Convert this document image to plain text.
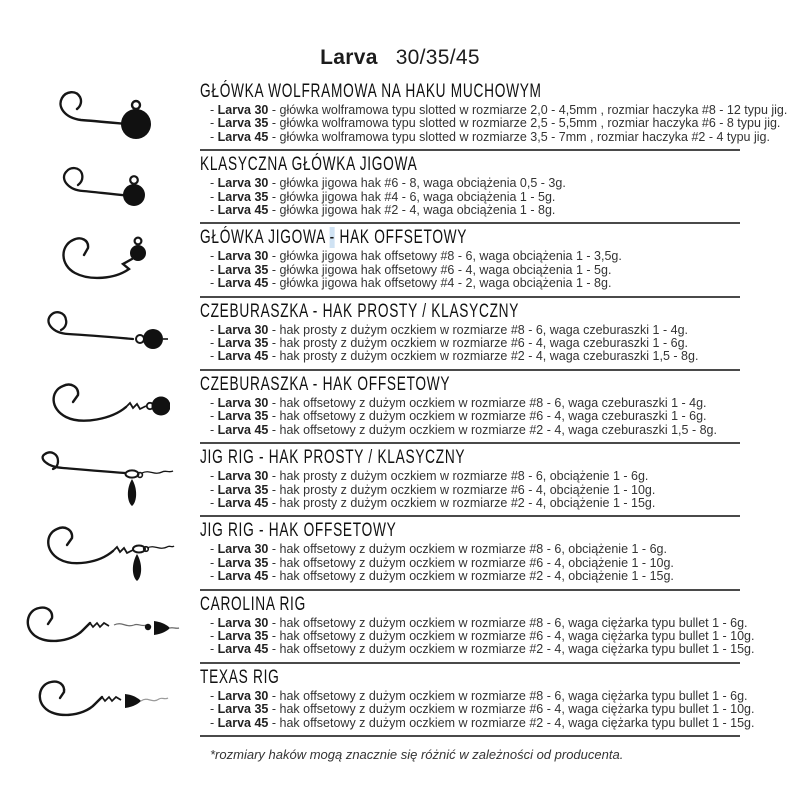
Larva 30/35/45
GŁÓWKA WOLFRAMOWA NA HAKU MUCHOWYM
- Larva 30 - główka wolframowa typu slotted w rozmiarze 2,0 - 4,5mm , rozmiar haczyka #8 - 12 typu jig.
- Larva 35 - główka wolframowa typu slotted w rozmiarze 2,5 - 5,5mm , rozmiar haczyka #6 - 8 typu jig.
- Larva 45 - główka wolframowa typu slotted w rozmiarze 3,5 - 7mm , rozmiar haczyka #2 - 4 typu jig.
KLASYCZNA GŁÓWKA JIGOWA
- Larva 30 - główka jigowa hak #6 - 8, waga obciążenia 0,5 - 3g.
- Larva 35 - główka jigowa hak #4 - 6, waga obciążenia 1 - 5g.
- Larva 45 - główka jigowa hak #2 - 4, waga obciążenia 1 - 8g.
GŁÓWKA JIGOWA - HAK OFFSETOWY
- Larva 30 - główka jigowa hak offsetowy #8 - 6, waga obciążenia 1 - 3,5g.
- Larva 35 - główka jigowa hak offsetowy #6 - 4, waga obciążenia 1 - 5g.
- Larva 45 - główka jigowa hak offsetowy #4 - 2, waga obciążenia 1 - 8g.
CZEBURASZKA - HAK PROSTY / KLASYCZNY
- Larva 30 - hak prosty z dużym oczkiem w rozmiarze #8 - 6, waga czeburaszki 1 - 4g.
- Larva 35 - hak prosty z dużym oczkiem w rozmiarze #6 - 4, waga czeburaszki 1 - 6g.
- Larva 45 - hak prosty z dużym oczkiem w rozmiarze #2 - 4, waga czeburaszki 1,5 - 8g.
CZEBURASZKA - HAK OFFSETOWY
- Larva 30 - hak offsetowy z dużym oczkiem w rozmiarze #8 - 6, waga czeburaszki 1 - 4g.
- Larva 35 - hak offsetowy z dużym oczkiem w rozmiarze #6 - 4, waga czeburaszki 1 - 6g.
- Larva 45 - hak offsetowy z dużym oczkiem w rozmiarze #2 - 4, waga czeburaszki 1,5 - 8g.
JIG RIG - HAK PROSTY / KLASYCZNY
- Larva 30 - hak prosty z dużym oczkiem w rozmiarze #8 - 6, obciążenie 1 - 6g.
- Larva 35 - hak prosty z dużym oczkiem w rozmiarze #6 - 4, obciążenie 1 - 10g.
- Larva 45 - hak prosty z dużym oczkiem w rozmiarze #2 - 4, obciążenie 1 - 15g.
JIG RIG - HAK OFFSETOWY
- Larva 30 - hak offsetowy z dużym oczkiem w rozmiarze #8 - 6, obciążenie 1 - 6g.
- Larva 35 - hak offsetowy z dużym oczkiem w rozmiarze #6 - 4, obciążenie 1 - 10g.
- Larva 45 - hak offsetowy z dużym oczkiem w rozmiarze #2 - 4, obciążenie 1 - 15g.
CAROLINA RIG
- Larva 30 - hak offsetowy z dużym oczkiem w rozmiarze #8 - 6, waga ciężarka typu bullet 1 - 6g.
- Larva 35 - hak offsetowy z dużym oczkiem w rozmiarze #6 - 4, waga ciężarka typu bullet 1 - 10g.
- Larva 45 - hak offsetowy z dużym oczkiem w rozmiarze #2 - 4, waga ciężarka typu bullet 1 - 15g.
TEXAS RIG
- Larva 30 - hak offsetowy z dużym oczkiem w rozmiarze #8 - 6, waga ciężarka typu bullet 1 - 6g.
- Larva 35 - hak offsetowy z dużym oczkiem w rozmiarze #6 - 4, waga ciężarka typu bullet 1 - 10g.
- Larva 45 - hak offsetowy z dużym oczkiem w rozmiarze #2 - 4, waga ciężarka typu bullet 1 - 15g.
*rozmiary haków mogą znacznie się różnić w zależności od producenta.
